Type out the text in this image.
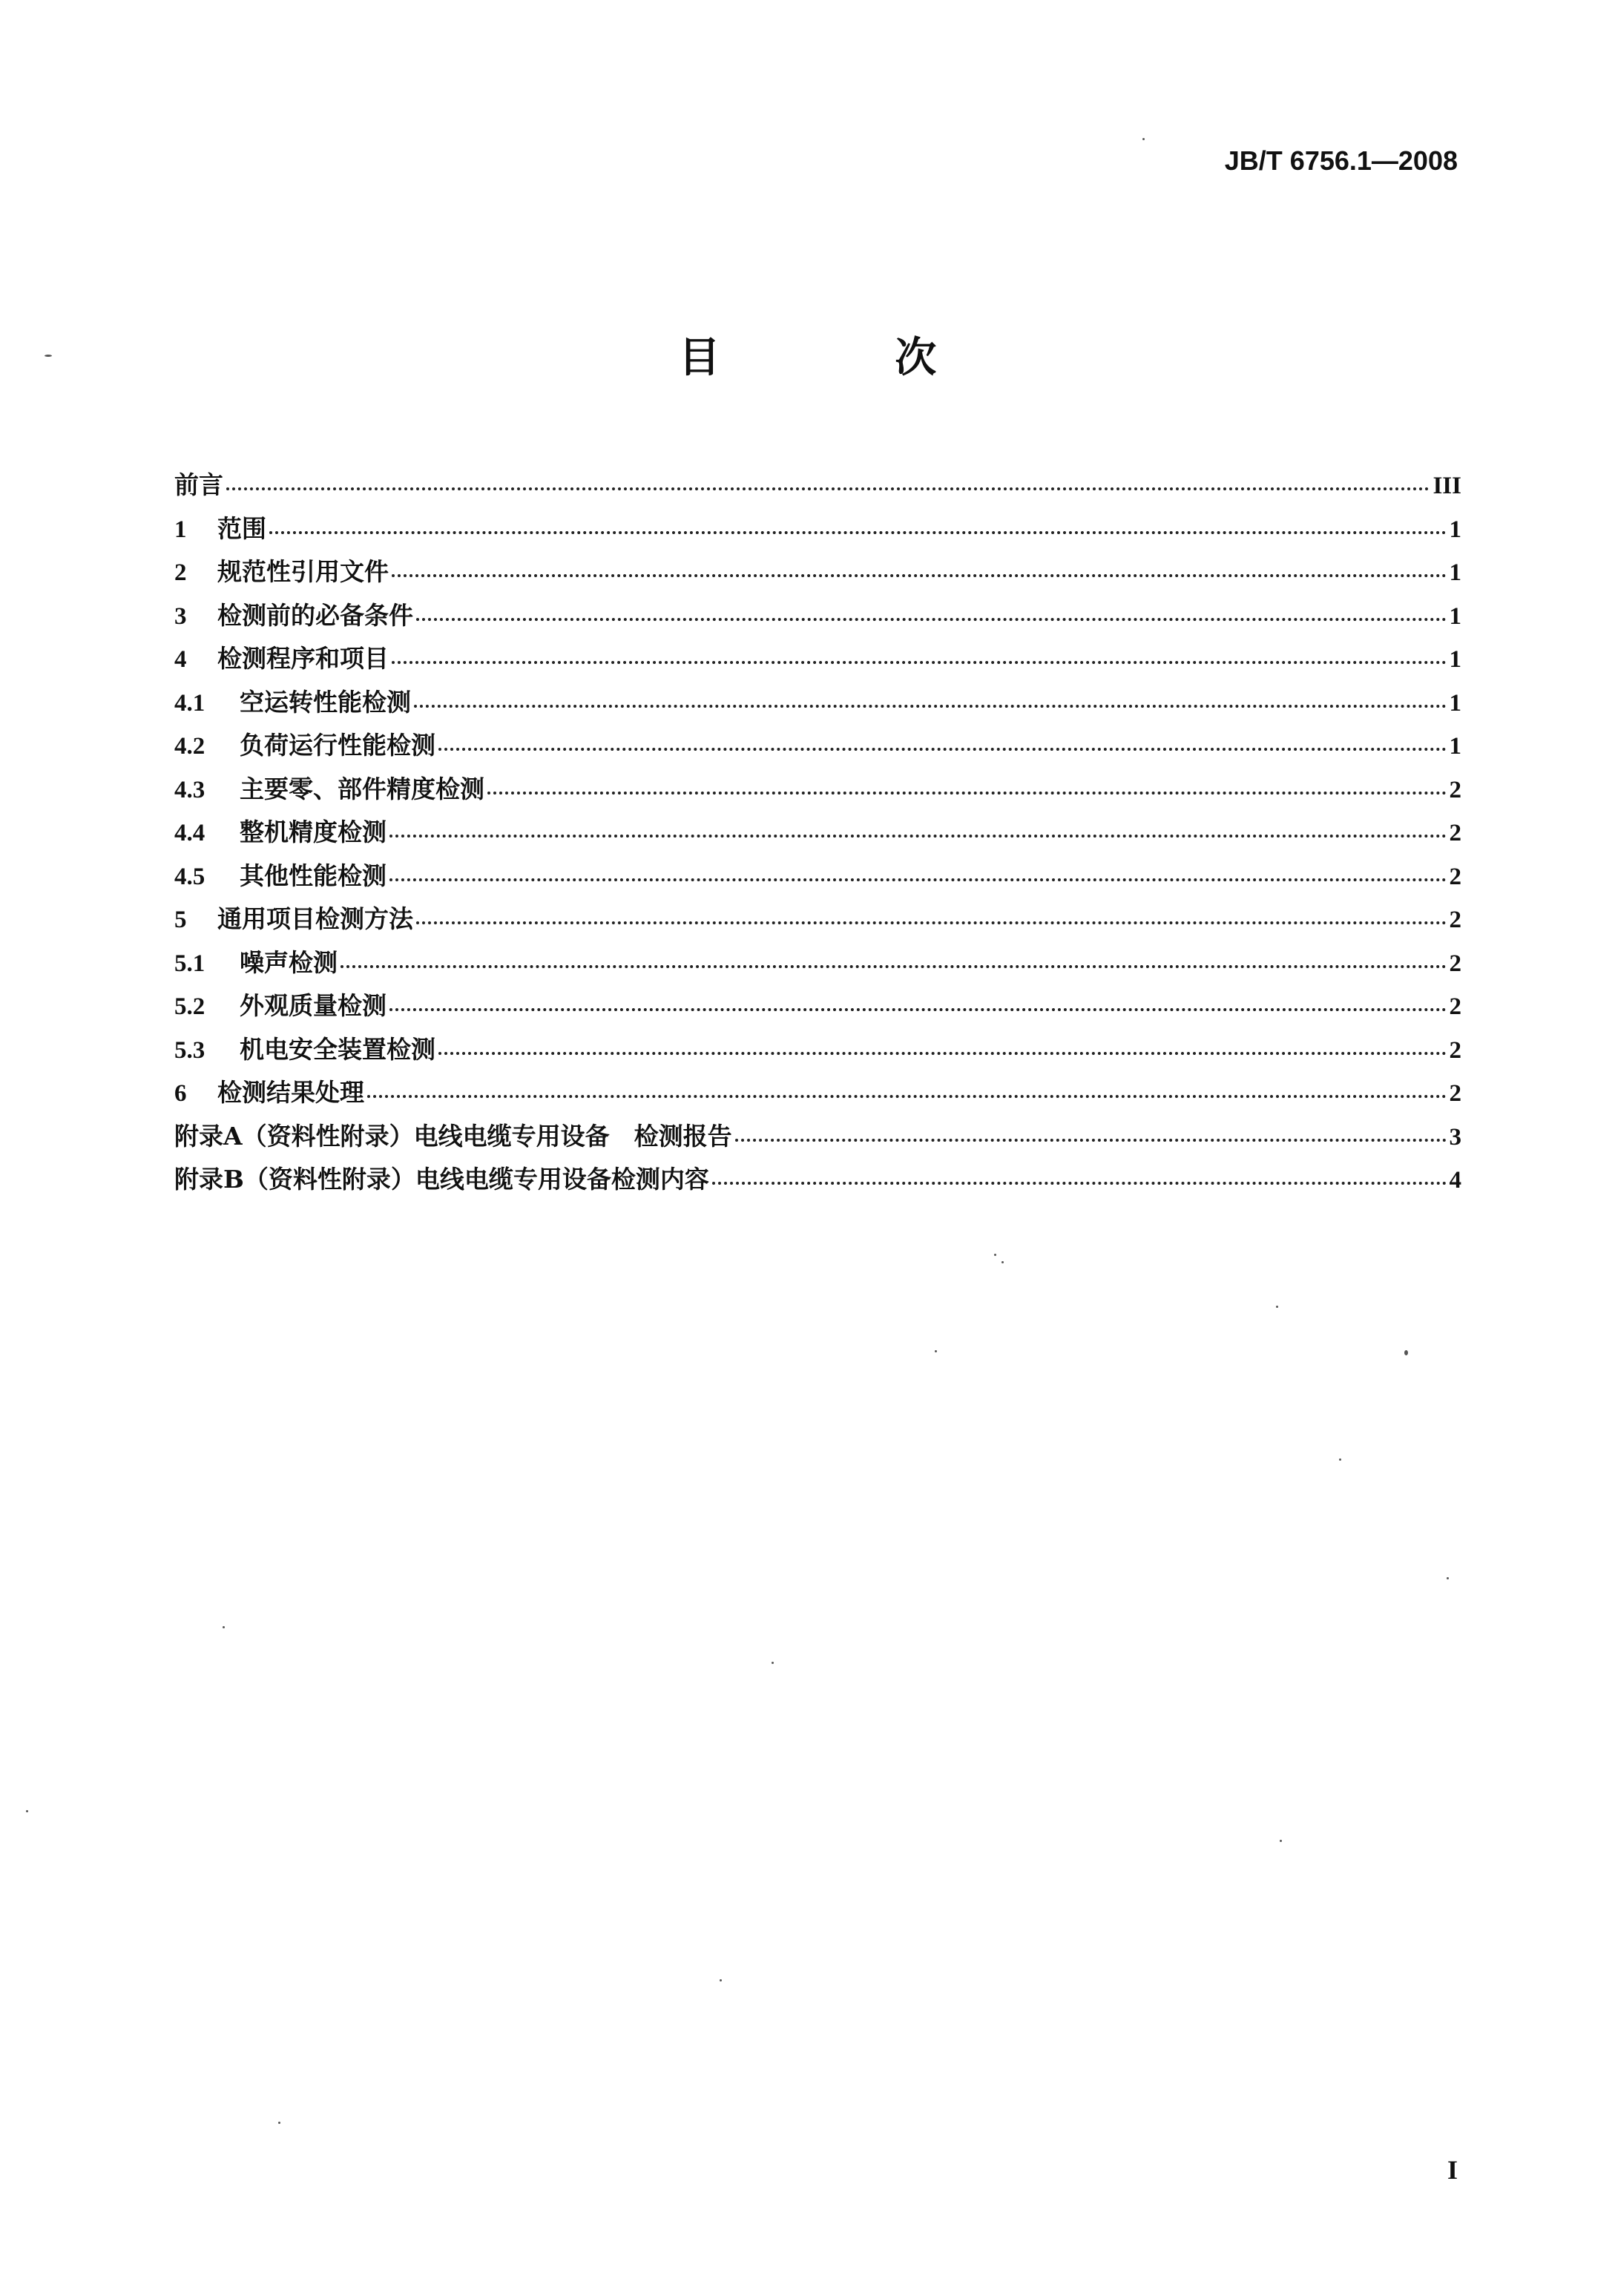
JB/T 6756.1—2008
目 次
前言	III
1	范围	1
2	规范性引用文件	1
3	检测前的必备条件	1
4	检测程序和项目	1
4.1	空运转性能检测	1
4.2	负荷运行性能检测	1
4.3	主要零、部件精度检测	2
4.4	整机精度检测	2
4.5	其他性能检测	2
5	通用项目检测方法	2
5.1	噪声检测	2
5.2	外观质量检测	2
5.3	机电安全装置检测	2
6	检测结果处理	2
附录A（资料性附录）电线电缆专用设备　检测报告	3
附录B（资料性附录）电线电缆专用设备检测内容	4
I
